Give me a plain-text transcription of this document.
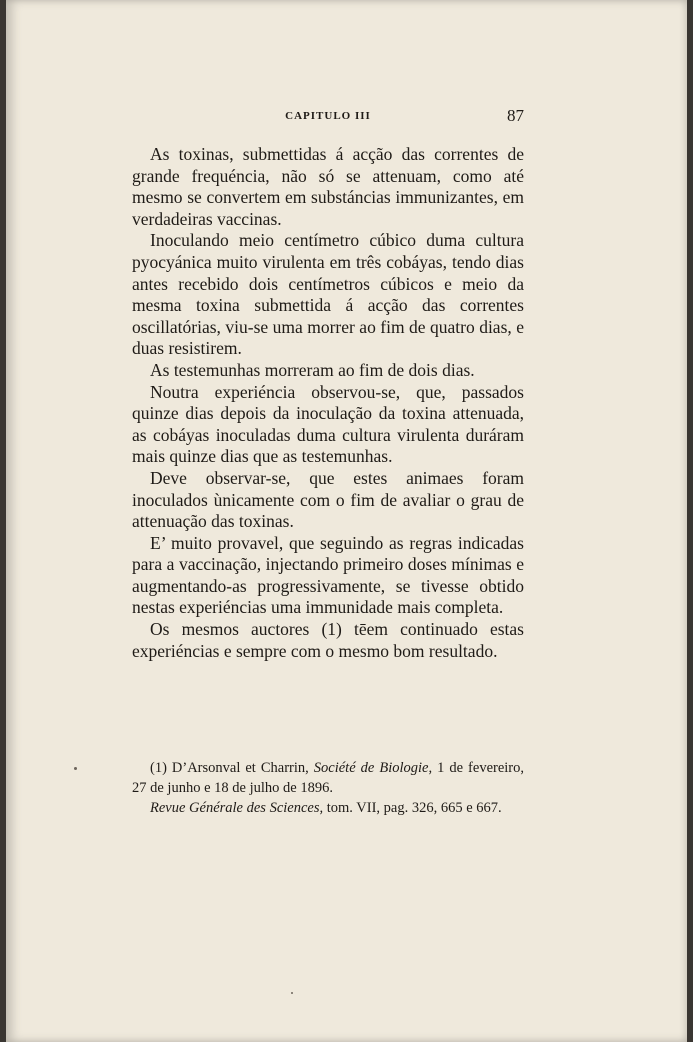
CAPITULO III	87

As toxinas, submettidas á acção das correntes de grande frequéncia, não só se attenuam, como até mesmo se convertem em substáncias immunizantes, em verdadeiras vaccinas.

Inoculando meio centímetro cúbico duma cultura pyocyánica muito virulenta em três cobáyas, tendo dias antes recebido dois centímetros cúbicos e meio da mesma toxina submettida á acção das correntes oscillatórias, viu-se uma morrer ao fim de quatro dias, e duas resistirem.

As testemunhas morreram ao fim de dois dias.

Noutra experiéncia observou-se, que, passados quinze dias depois da inoculação da toxina attenuada, as cobáyas inoculadas duma cultura virulenta duráram mais quinze dias que as testemunhas.

Deve observar-se, que estes animaes foram inoculados ùnicamente com o fim de avaliar o grau de attenuação das toxinas.

E’ muito provavel, que seguindo as regras indicadas para a vaccinação, injectando primeiro doses mínimas e augmentando-as progressivamente, se tivesse obtido nestas experiéncias uma immunidade mais completa.

Os mesmos auctores (1) tēem continuado estas experiéncias e sempre com o mesmo bom resultado.

(1) D’Arsonval et Charrin, Société de Biologie, 1 de fevereiro, 27 de junho e 18 de julho de 1896.

Revue Générale des Sciences, tom. VII, pag. 326, 665 e 667.
